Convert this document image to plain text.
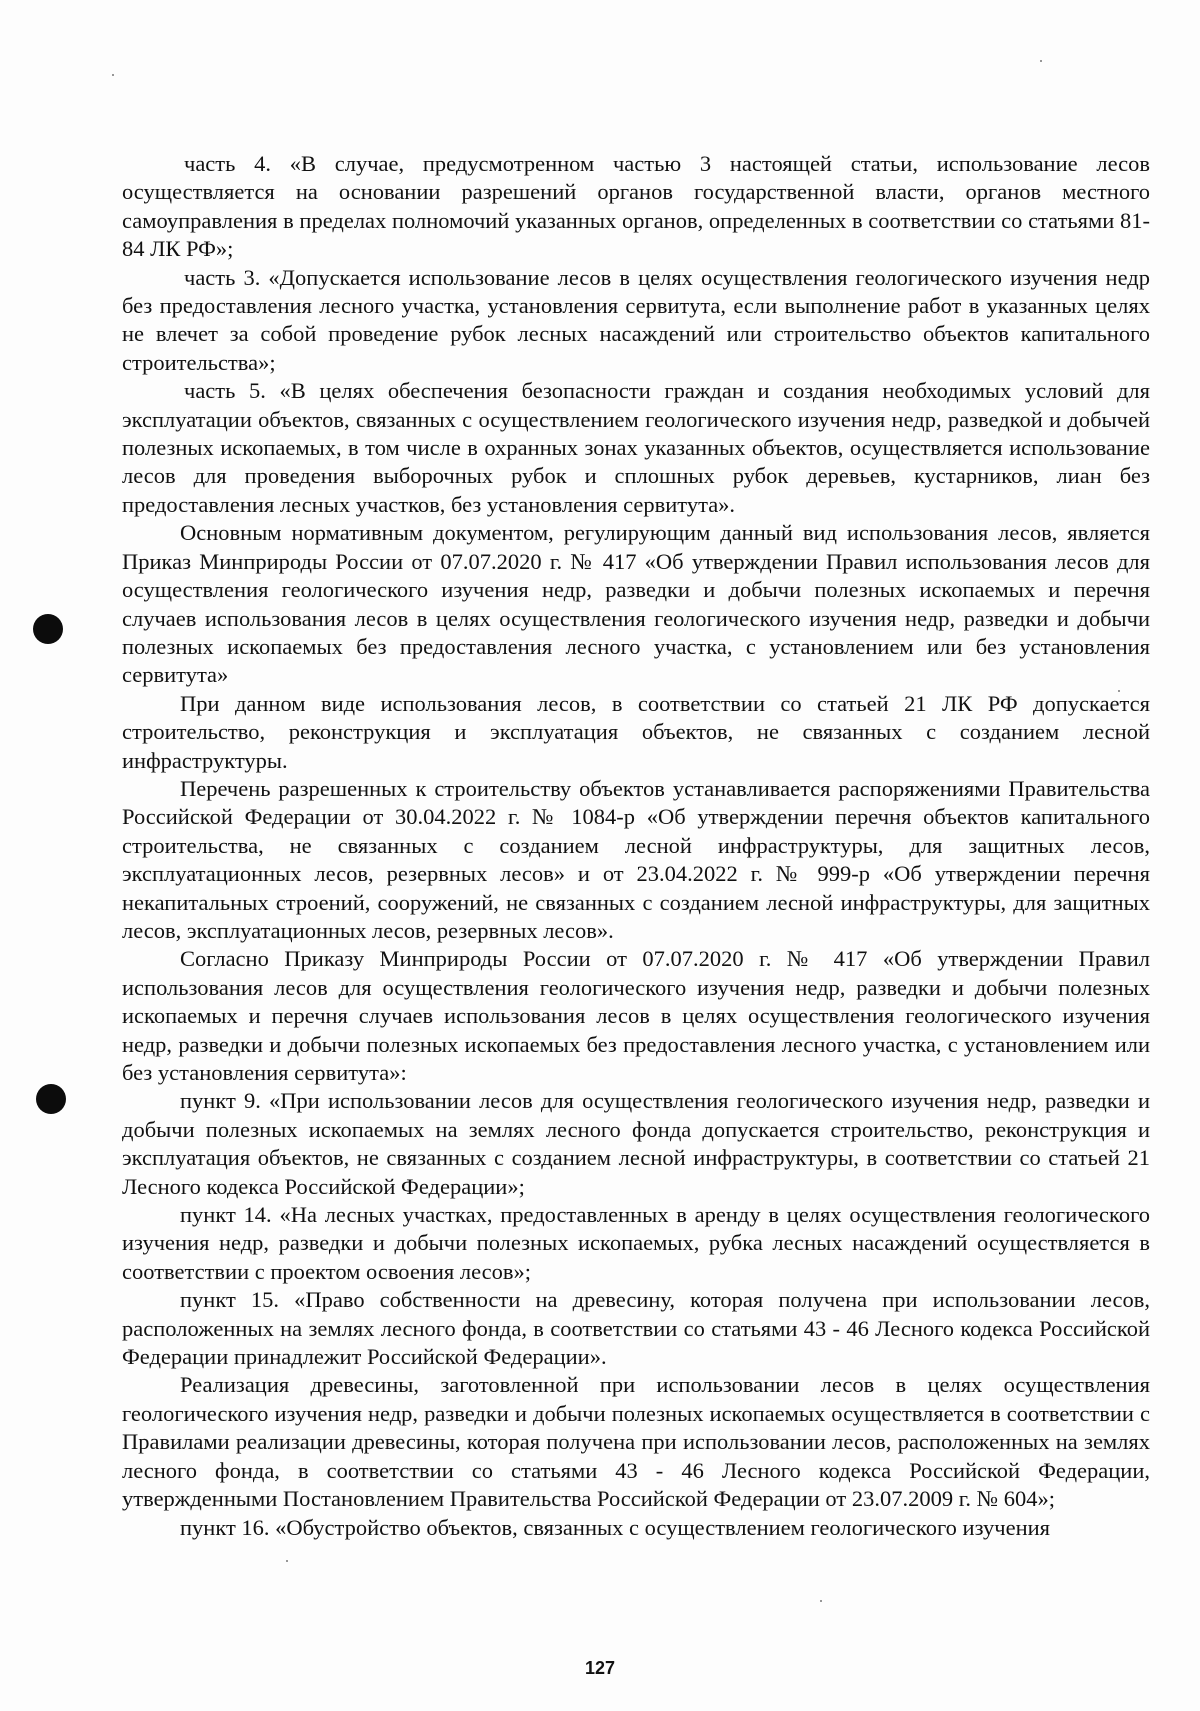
часть 4. «В случае, предусмотренном частью 3 настоящей статьи, использование лесов осуществляется на основании разрешений органов государственной власти, органов местного самоуправления в пределах полномочий указанных органов, определенных в соответствии со статьями 81-84 ЛК РФ»;

часть 3. «Допускается использование лесов в целях осуществления геологического изучения недр без предоставления лесного участка, установления сервитута, если выполнение работ в указанных целях не влечет за собой проведение рубок лесных насаждений или строительство объектов капитального строительства»;

часть 5. «В целях обеспечения безопасности граждан и создания необходимых условий для эксплуатации объектов, связанных с осуществлением геологического изучения недр, разведкой и добычей полезных ископаемых, в том числе в охранных зонах указанных объектов, осуществляется использование лесов для проведения выборочных рубок и сплошных рубок деревьев, кустарников, лиан без предоставления лесных участков, без установления сервитута».

Основным нормативным документом, регулирующим данный вид использования лесов, является Приказ Минприроды России от 07.07.2020 г. № 417 «Об утверждении Правил использования лесов для осуществления геологического изучения недр, разведки и добычи полезных ископаемых и перечня случаев использования лесов в целях осуществления геологического изучения недр, разведки и добычи полезных ископаемых без предоставления лесного участка, с установлением или без установления сервитута»

При данном виде использования лесов, в соответствии со статьей 21 ЛК РФ допускается строительство, реконструкция и эксплуатация объектов, не связанных с созданием лесной инфраструктуры.

Перечень разрешенных к строительству объектов устанавливается распоряжениями Правительства Российской Федерации от 30.04.2022 г. № 1084-р «Об утверждении перечня объектов капитального строительства, не связанных с созданием лесной инфраструктуры, для защитных лесов, эксплуатационных лесов, резервных лесов» и от 23.04.2022 г. № 999-р «Об утверждении перечня некапитальных строений, сооружений, не связанных с созданием лесной инфраструктуры, для защитных лесов, эксплуатационных лесов, резервных лесов».

Согласно Приказу Минприроды России от 07.07.2020 г. № 417 «Об утверждении Правил использования лесов для осуществления геологического изучения недр, разведки и добычи полезных ископаемых и перечня случаев использования лесов в целях осуществления геологического изучения недр, разведки и добычи полезных ископаемых без предоставления лесного участка, с установлением или без установления сервитута»:

пункт 9. «При использовании лесов для осуществления геологического изучения недр, разведки и добычи полезных ископаемых на землях лесного фонда допускается строительство, реконструкция и эксплуатация объектов, не связанных с созданием лесной инфраструктуры, в соответствии со статьей 21 Лесного кодекса Российской Федерации»;

пункт 14. «На лесных участках, предоставленных в аренду в целях осуществления геологического изучения недр, разведки и добычи полезных ископаемых, рубка лесных насаждений осуществляется в соответствии с проектом освоения лесов»;

пункт 15. «Право собственности на древесину, которая получена при использовании лесов, расположенных на землях лесного фонда, в соответствии со статьями 43 - 46 Лесного кодекса Российской Федерации принадлежит Российской Федерации».

Реализация древесины, заготовленной при использовании лесов в целях осуществления геологического изучения недр, разведки и добычи полезных ископаемых осуществляется в соответствии с Правилами реализации древесины, которая получена при использовании лесов, расположенных на землях лесного фонда, в соответствии со статьями 43 - 46 Лесного кодекса Российской Федерации, утвержденными Постановлением Правительства Российской Федерации от 23.07.2009 г. № 604»;

пункт 16. «Обустройство объектов, связанных с осуществлением геологического изучения

127
